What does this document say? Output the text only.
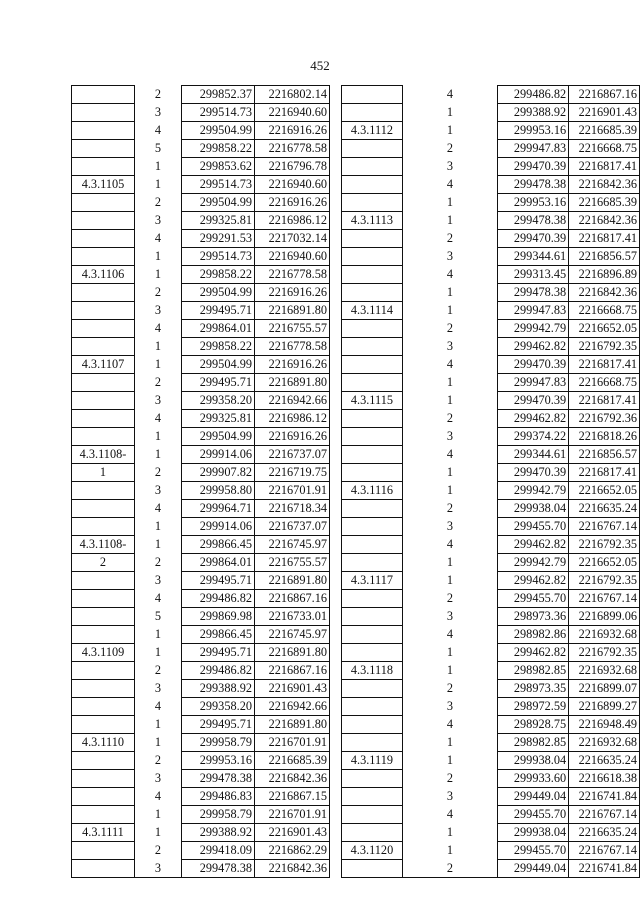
452
	2	299852.37	2216802.14
	3	299514.73	2216940.60
	4	299504.99	2216916.26
	5	299858.22	2216778.58
	1	299853.62	2216796.78
4.3.1105	1	299514.73	2216940.60
	2	299504.99	2216916.26
	3	299325.81	2216986.12
	4	299291.53	2217032.14
	1	299514.73	2216940.60
4.3.1106	1	299858.22	2216778.58
	2	299504.99	2216916.26
	3	299495.71	2216891.80
	4	299864.01	2216755.57
	1	299858.22	2216778.58
4.3.1107	1	299504.99	2216916.26
	2	299495.71	2216891.80
	3	299358.20	2216942.66
	4	299325.81	2216986.12
	1	299504.99	2216916.26
4.3.1108-	1	299914.06	2216737.07
1	2	299907.82	2216719.75
	3	299958.80	2216701.91
	4	299964.71	2216718.34
	1	299914.06	2216737.07
4.3.1108-	1	299866.45	2216745.97
2	2	299864.01	2216755.57
	3	299495.71	2216891.80
	4	299486.82	2216867.16
	5	299869.98	2216733.01
	1	299866.45	2216745.97
4.3.1109	1	299495.71	2216891.80
	2	299486.82	2216867.16
	3	299388.92	2216901.43
	4	299358.20	2216942.66
	1	299495.71	2216891.80
4.3.1110	1	299958.79	2216701.91
	2	299953.16	2216685.39
	3	299478.38	2216842.36
	4	299486.83	2216867.15
	1	299958.79	2216701.91
4.3.1111	1	299388.92	2216901.43
	2	299418.09	2216862.29
	3	299478.38	2216842.36
	4	299486.82	2216867.16
	1	299388.92	2216901.43
4.3.1112	1	299953.16	2216685.39
	2	299947.83	2216668.75
	3	299470.39	2216817.41
	4	299478.38	2216842.36
	1	299953.16	2216685.39
4.3.1113	1	299478.38	2216842.36
	2	299470.39	2216817.41
	3	299344.61	2216856.57
	4	299313.45	2216896.89
	1	299478.38	2216842.36
4.3.1114	1	299947.83	2216668.75
	2	299942.79	2216652.05
	3	299462.82	2216792.35
	4	299470.39	2216817.41
	1	299947.83	2216668.75
4.3.1115	1	299470.39	2216817.41
	2	299462.82	2216792.36
	3	299374.22	2216818.26
	4	299344.61	2216856.57
	1	299470.39	2216817.41
4.3.1116	1	299942.79	2216652.05
	2	299938.04	2216635.24
	3	299455.70	2216767.14
	4	299462.82	2216792.35
	1	299942.79	2216652.05
4.3.1117	1	299462.82	2216792.35
	2	299455.70	2216767.14
	3	298973.36	2216899.06
	4	298982.86	2216932.68
	1	299462.82	2216792.35
4.3.1118	1	298982.85	2216932.68
	2	298973.35	2216899.07
	3	298972.59	2216899.27
	4	298928.75	2216948.49
	1	298982.85	2216932.68
4.3.1119	1	299938.04	2216635.24
	2	299933.60	2216618.38
	3	299449.04	2216741.84
	4	299455.70	2216767.14
	1	299938.04	2216635.24
4.3.1120	1	299455.70	2216767.14
	2	299449.04	2216741.84
